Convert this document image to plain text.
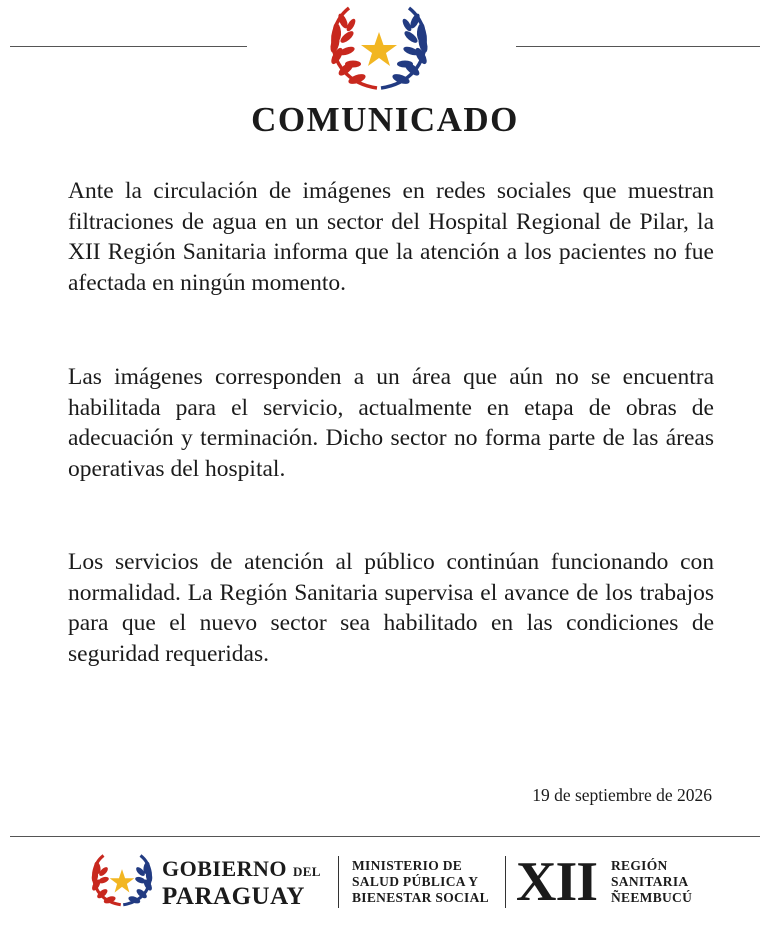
COMUNICADO
Ante la circulación de imágenes en redes sociales que muestran filtraciones de agua en un sector del Hospital Regional de Pilar, la XII Región Sanitaria informa que la atención a los pacientes no fue afectada en ningún momento.
Las imágenes corresponden a un área que aún no se encuentra habilitada para el servicio, actualmente en etapa de obras de adecuación y terminación. Dicho sector no forma parte de las áreas operativas del hospital.
Los servicios de atención al público continúan funcionando con normalidad. La Región Sanitaria supervisa el avance de los trabajos para que el nuevo sector sea habilitado en las condiciones de seguridad requeridas.
19 de septiembre de 2026
GOBIERNO DEL
PARAGUAY
MINISTERIO DE
SALUD PÚBLICA Y
BIENESTAR SOCIAL XII REGIÓN
SANITARIA
ÑEEMBUCÚ
